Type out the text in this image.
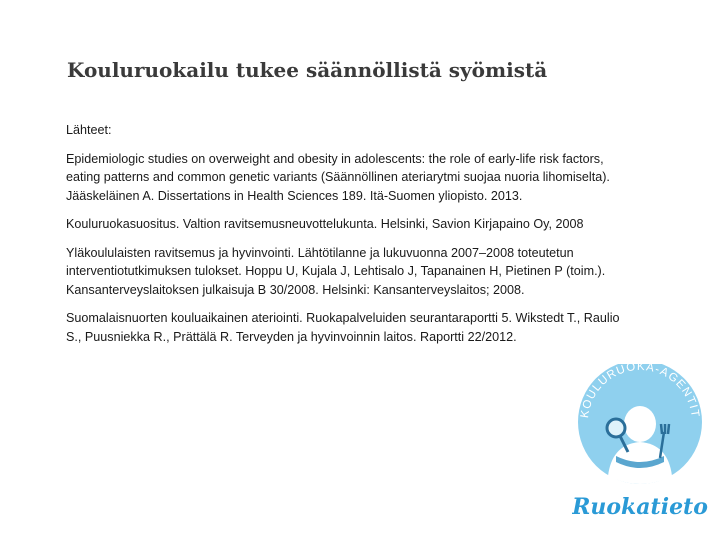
Kouluruokailu tukee säännöllistä syömistä

Lähteet:

Epidemiologic studies on overweight and obesity in adolescents: the role of early-life risk factors, eating patterns and common genetic variants (Säännöllinen ateriarytmi suojaa nuoria lihomiselta). Jääskeläinen A. Dissertations in Health Sciences 189. Itä-Suomen yliopisto. 2013.

Kouluruokasuositus. Valtion ravitsemusneuvottelukunta. Helsinki, Savion Kirjapaino Oy, 2008

Yläkoululaisten ravitsemus ja hyvinvointi. Lähtötilanne ja lukuvuonna 2007–2008 toteutetun interventiotutkimuksen tulokset. Hoppu U, Kujala J, Lehtisalo J, Tapanainen H, Pietinen P (toim.). Kansanterveyslaitoksen julkaisuja B 30/2008. Helsinki: Kansanterveyslaitos; 2008.

Suomalaisnuorten kouluaikainen ateriointi. Ruokapalveluiden seurantaraportti 5. Wikstedt T., Raulio S., Puusniekka R., Prättälä R. Terveyden ja hyvinvoinnin laitos. Raportti 22/2012.

KOULURUOKA-AGENTIT
Ruokatieto
